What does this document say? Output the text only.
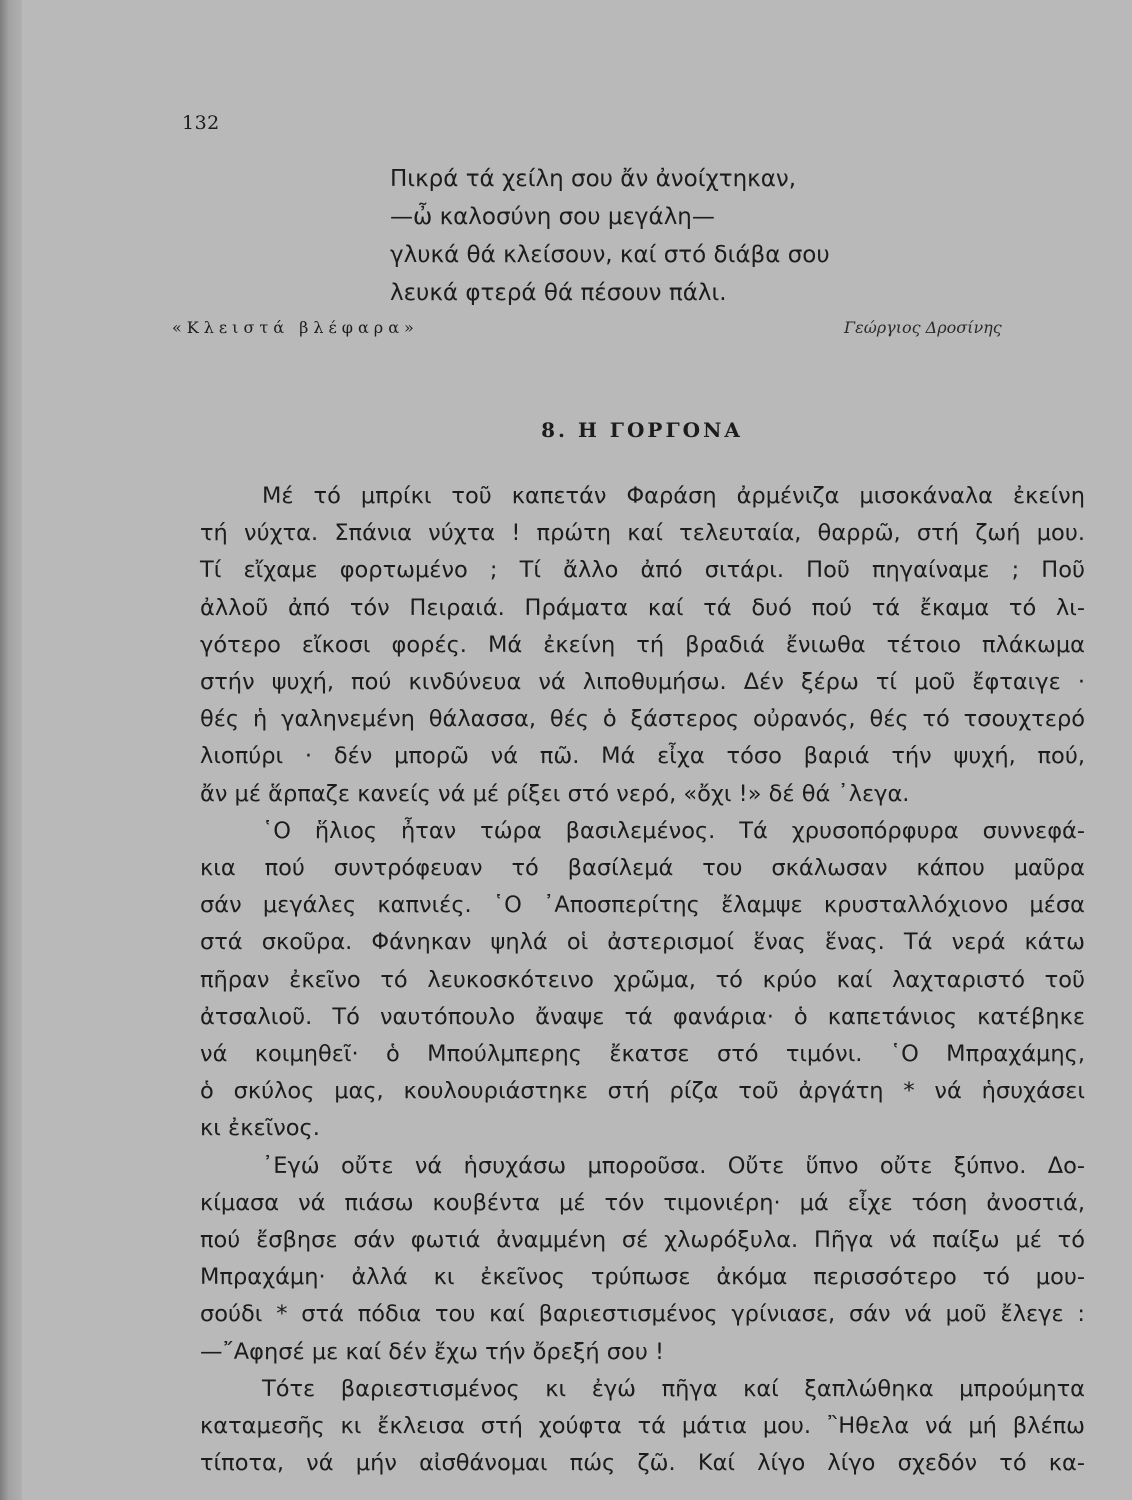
132
Πικρά τά χείλη σου ἄν ἀνοίχτηκαν,
—ὦ καλοσύνη σου μεγάλη—
γλυκά θά κλείσουν, καί στό διάβα σου
λευκά φτερά θά πέσουν πάλι.
«Κλειστά βλέφαρα»	Γεώργιος Δροσίνης
8. Η ΓΟΡΓΟΝΑ
Μέ τό μπρίκι τοῦ καπετάν Φαράση ἀρμένιζα μισοκάναλα ἐκείνη
τή νύχτα. Σπάνια νύχτα ! πρώτη καί τελευταία, θαρρῶ, στή ζωή μου.
Τί εἴχαμε φορτωμένο ; Τί ἄλλο ἀπό σιτάρι. Ποῦ πηγαίναμε ; Ποῦ
ἀλλοῦ ἀπό τόν Πειραιά. Πράματα καί τά δυό πού τά ἔκαμα τό λι-
γότερο εἴκοσι φορές. Μά ἐκείνη τή βραδιά ἔνιωθα τέτοιο πλάκωμα
στήν ψυχή, πού κινδύνευα νά λιποθυμήσω. Δέν ξέρω τί μοῦ ἔφταιγε ·
θές ἡ γαληνεμένη θάλασσα, θές ὁ ξάστερος οὐρανός, θές τό τσουχτερό
λιοπύρι · δέν μπορῶ νά πῶ. Μά εἶχα τόσο βαριά τήν ψυχή, πού,
ἄν μέ ἅρπαζε κανείς νά μέ ρίξει στό νερό, «ὄχι !» δέ θά ᾽λεγα.
῾Ο ἥλιος ἦταν τώρα βασιλεμένος. Τά χρυσοπόρφυρα συννεφά-
κια πού συντρόφευαν τό βασίλεμά του σκάλωσαν κάπου μαῦρα
σάν μεγάλες καπνιές. ῾Ο ᾽Αποσπερίτης ἔλαμψε κρυσταλλόχιονο μέσα
στά σκοῦρα. Φάνηκαν ψηλά οἱ ἀστερισμοί ἕνας ἕνας. Τά νερά κάτω
πῆραν ἐκεῖνο τό λευκοσκότεινο χρῶμα, τό κρύο καί λαχταριστό τοῦ
ἀτσαλιοῦ. Τό ναυτόπουλο ἄναψε τά φανάρια· ὁ καπετάνιος κατέβηκε
νά κοιμηθεῖ· ὁ Μπούλμπερης ἔκατσε στό τιμόνι. ῾Ο Μπραχάμης,
ὁ σκύλος μας, κουλουριάστηκε στή ρίζα τοῦ ἀργάτη * νά ἡσυχάσει
κι ἐκεῖνος.
᾽Εγώ οὔτε νά ἡσυχάσω μποροῦσα. Οὔτε ὕπνο οὔτε ξύπνο. Δο-
κίμασα νά πιάσω κουβέντα μέ τόν τιμονιέρη· μά εἶχε τόση ἀνοστιά,
πού ἔσβησε σάν φωτιά ἀναμμένη σέ χλωρόξυλα. Πῆγα νά παίξω μέ τό
Μπραχάμη· ἀλλά κι ἐκεῖνος τρύπωσε ἀκόμα περισσότερο τό μου-
σούδι * στά πόδια του καί βαριεστισμένος γρίνιασε, σάν νά μοῦ ἔλεγε :
—῎Αφησέ με καί δέν ἔχω τήν ὄρεξή σου !
Τότε βαριεστισμένος κι ἐγώ πῆγα καί ξαπλώθηκα μπρούμητα
καταμεσῆς κι ἔκλεισα στή χούφτα τά μάτια μου. ῍Ηθελα νά μή βλέπω
τίποτα, νά μήν αἰσθάνομαι πώς ζῶ. Καί λίγο λίγο σχεδόν τό κα-
